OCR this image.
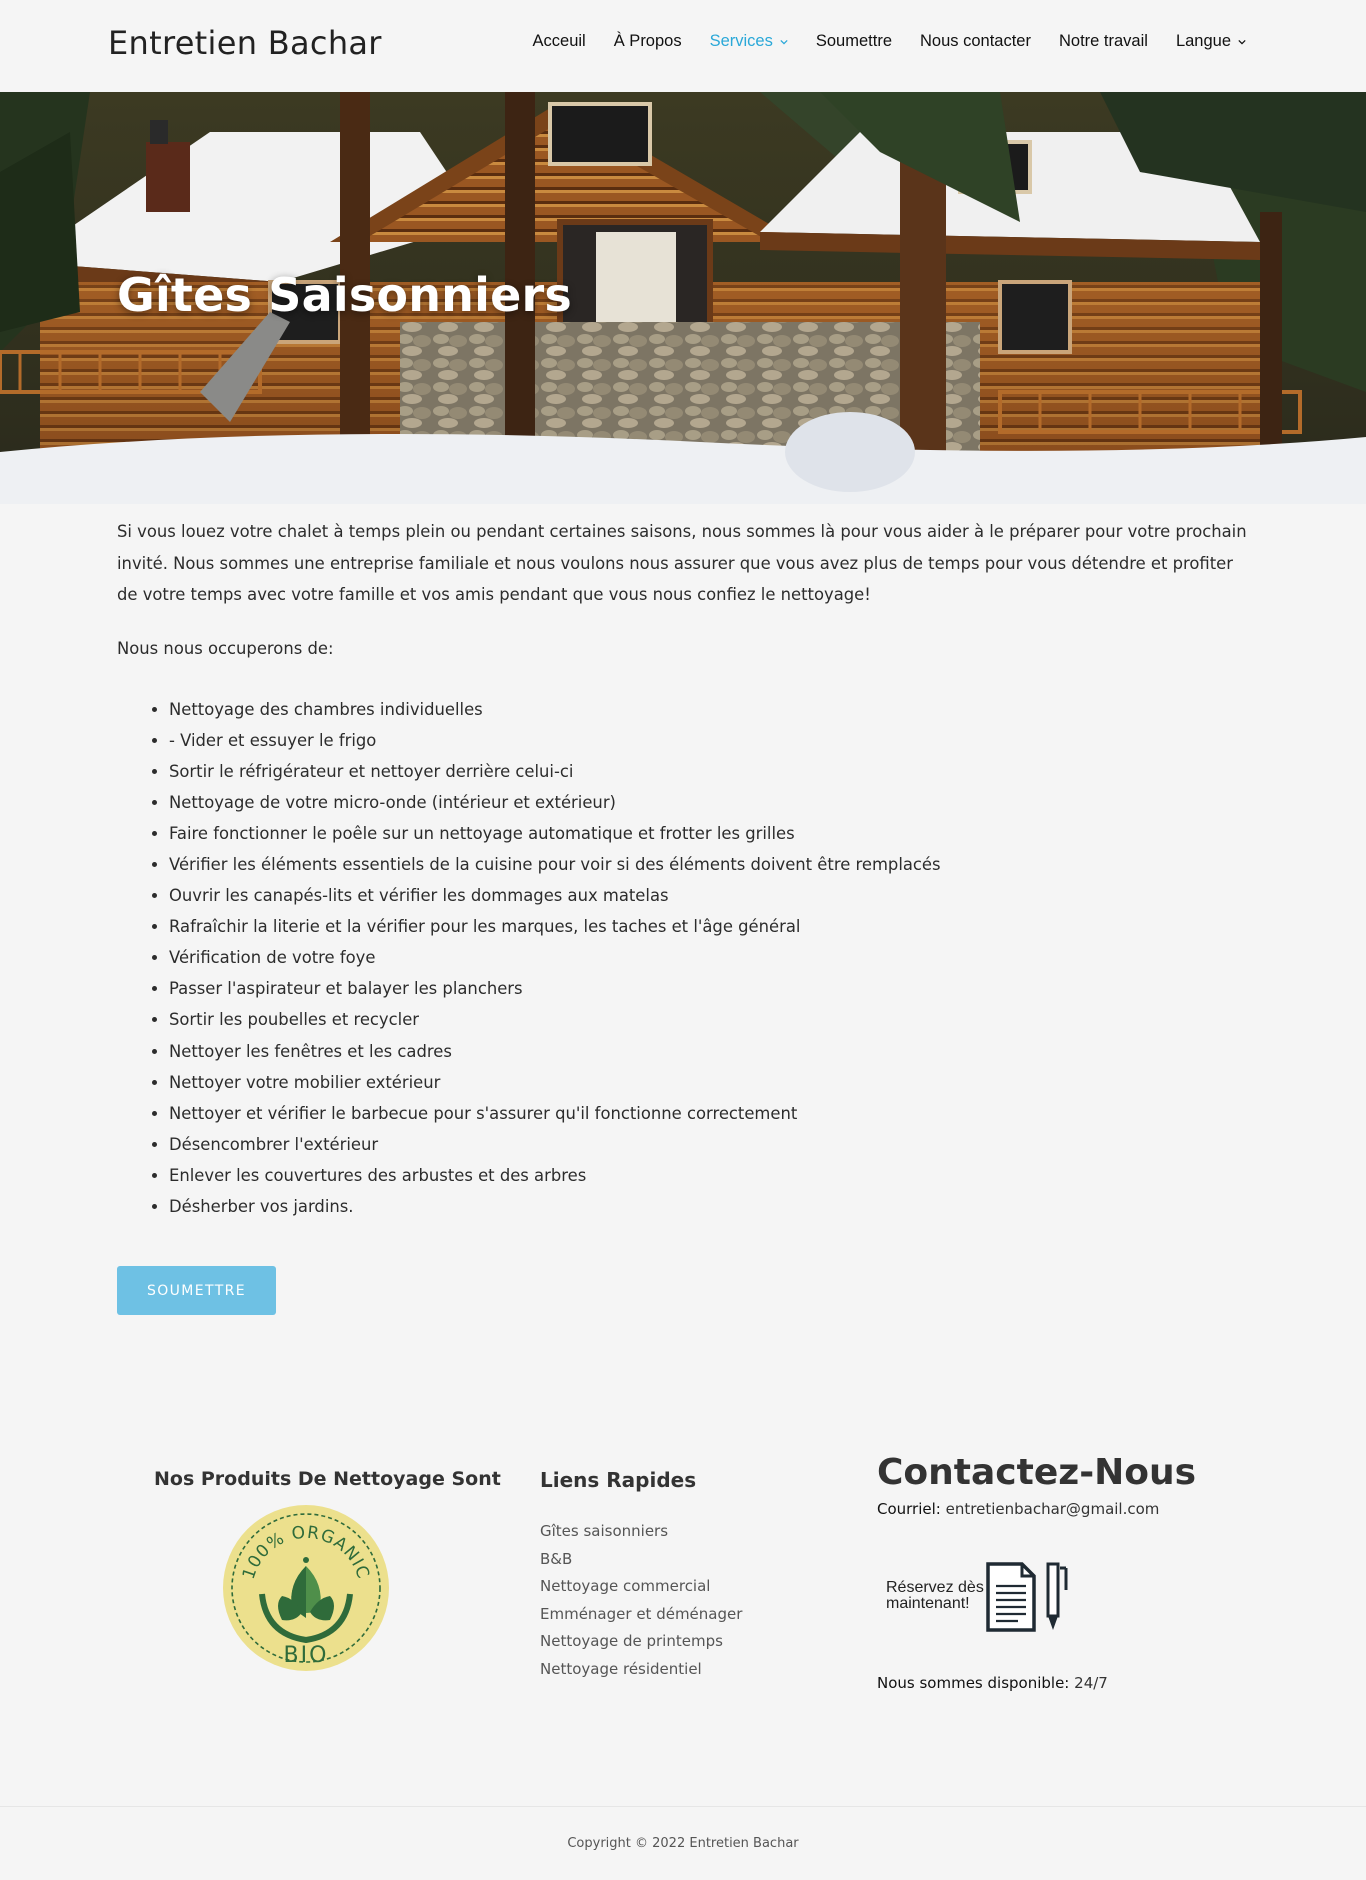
Entretien Bachar	Acceuil À Propos Services	Soumettre Nous contacter Notre travail Langue
Gîtes Saisonniers

Si vous louez votre chalet à temps plein ou pendant certaines saisons, nous sommes là pour vous aider à le préparer pour votre prochain invité. Nous sommes une entreprise familiale et nous voulons nous assurer que vous avez plus de temps pour vous détendre et profiter de votre temps avec votre famille et vos amis pendant que vous nous confiez le nettoyage!

Nous nous occuperons de:

• Nettoyage des chambres individuelles
• - Vider et essuyer le frigo
• Sortir le réfrigérateur et nettoyer derrière celui-ci
• Nettoyage de votre micro-onde (intérieur et extérieur)
• Faire fonctionner le poêle sur un nettoyage automatique et frotter les grilles
• Vérifier les éléments essentiels de la cuisine pour voir si des éléments doivent être remplacés
• Ouvrir les canapés-lits et vérifier les dommages aux matelas
• Rafraîchir la literie et la vérifier pour les marques, les taches et l'âge général
• Vérification de votre foye
• Passer l'aspirateur et balayer les planchers
• Sortir les poubelles et recycler
• Nettoyer les fenêtres et les cadres
• Nettoyer votre mobilier extérieur
• Nettoyer et vérifier le barbecue pour s'assurer qu'il fonctionne correctement
• Désencombrer l'extérieur
• Enlever les couvertures des arbustes et des arbres
• Désherber vos jardins.
SOUMETTRE
Nos Produits De Nettoyage Sont
100% ORGANIC
BIO
Liens Rapides
Gîtes saisonniers
B&B
Nettoyage commercial
Emménager et déménager
Nettoyage de printemps
Nettoyage résidentiel
Contactez-Nous
Courriel: entretienbachar@gmail.com
Réservez dès
maintenant!
Nous sommes disponible: 24/7
Copyright © 2022 Entretien Bachar
